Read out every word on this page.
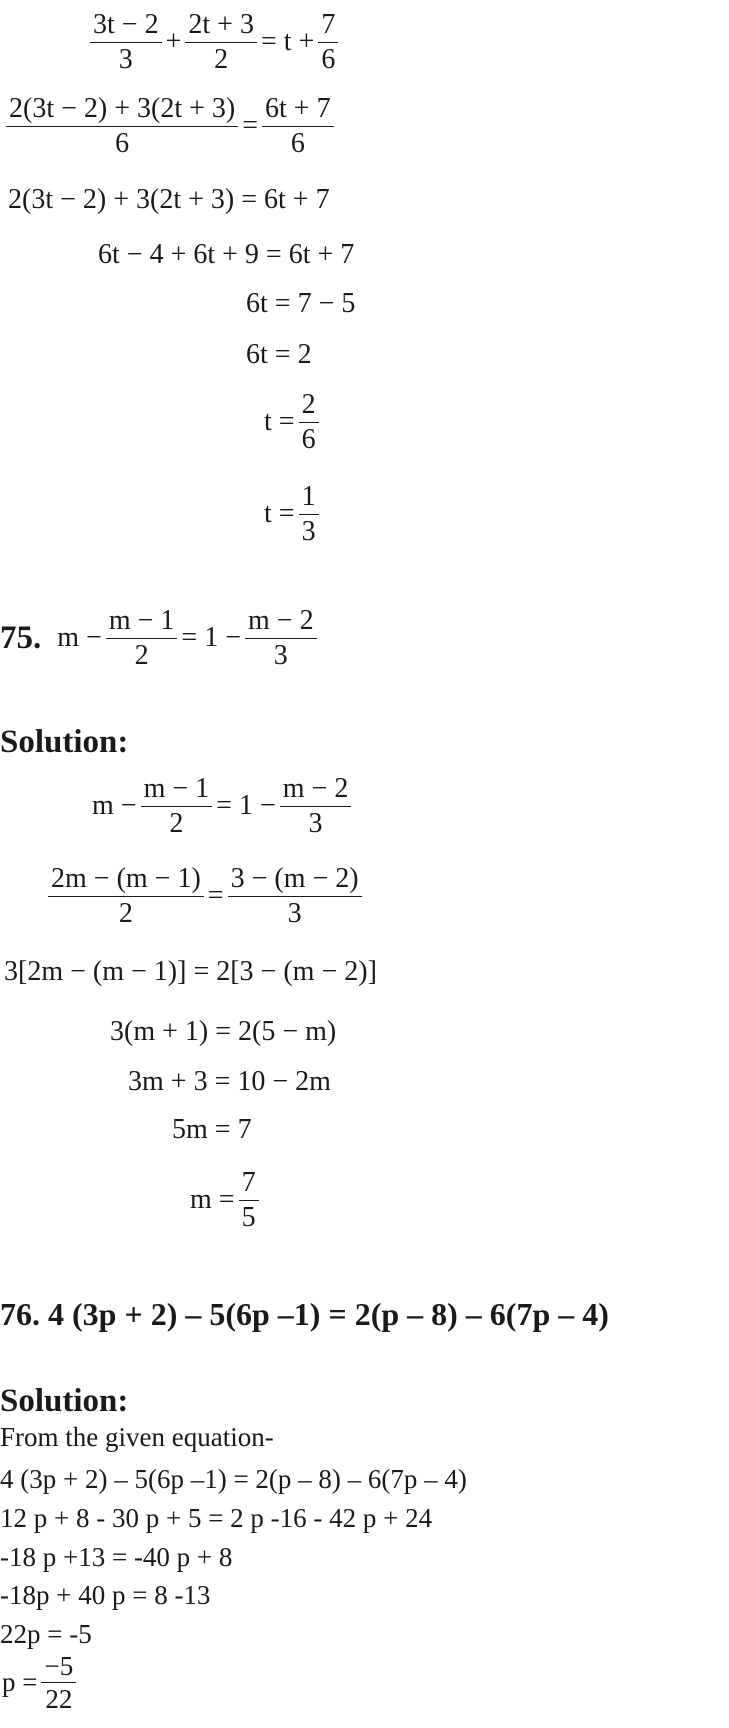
$\frac{3t - 2}{3} + \frac{2t + 3}{2} = t + \frac{7}{6}$
$\frac{2(3t - 2) + 3(2t + 3)}{6} = \frac{6t + 7}{6}$
2(3t − 2) + 3(2t + 3) = 6t + 7
6t − 4 + 6t + 9 = 6t + 7
6t = 7 − 5
6t = 2
$t = \frac{2}{6}$
$t = \frac{1}{3}$
75. $m - \frac{m - 1}{2} = 1 - \frac{m - 2}{3}$
Solution:
$m - \frac{m - 1}{2} = 1 - \frac{m - 2}{3}$
$\frac{2m - (m - 1)}{2} = \frac{3 - (m - 2)}{3}$
3[2m − (m − 1)] = 2[3 − (m − 2)]
3(m + 1) = 2(5 − m)
3m + 3 = 10 − 2m
5m = 7
$m = \frac{7}{5}$
76. 4 (3p + 2) – 5(6p –1) = 2(p – 8) – 6(7p – 4)
Solution:
From the given equation-
4 (3p + 2) – 5(6p –1) = 2(p – 8) – 6(7p – 4)
12 p + 8 - 30 p + 5 = 2 p -16 - 42 p + 24
-18 p +13 = -40 p + 8
-18p + 40 p = 8 -13
22p = -5
$p = \frac{-5}{22}$
